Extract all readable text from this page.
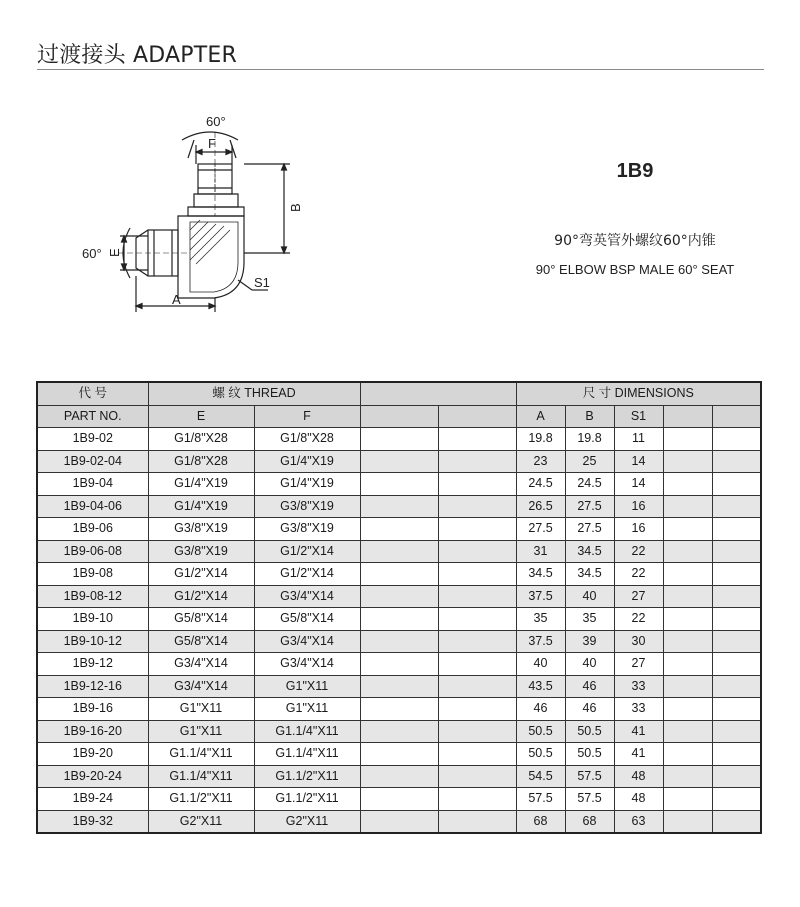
过渡接头 ADAPTER
60°
F
60° E
B
A
S1
1B9
90°弯英管外螺纹60°内锥
90° ELBOW BSP MALE 60° SEAT
代 号	螺 纹 THREAD				尺 寸 DIMENSIONS				
PART NO.	E	F			A	B	S1		
1B9-02	G1/8"X28	G1/8"X28			19.8	19.8	11		
1B9-02-04	G1/8"X28	G1/4"X19			23	25	14		
1B9-04	G1/4"X19	G1/4"X19			24.5	24.5	14		
1B9-04-06	G1/4"X19	G3/8"X19			26.5	27.5	16		
1B9-06	G3/8"X19	G3/8"X19			27.5	27.5	16		
1B9-06-08	G3/8"X19	G1/2"X14			31	34.5	22		
1B9-08	G1/2"X14	G1/2"X14			34.5	34.5	22		
1B9-08-12	G1/2"X14	G3/4"X14			37.5	40	27		
1B9-10	G5/8"X14	G5/8"X14			35	35	22		
1B9-10-12	G5/8"X14	G3/4"X14			37.5	39	30		
1B9-12	G3/4"X14	G3/4"X14			40	40	27		
1B9-12-16	G3/4"X14	G1"X11			43.5	46	33		
1B9-16	G1"X11	G1"X11			46	46	33		
1B9-16-20	G1"X11	G1.1/4"X11			50.5	50.5	41		
1B9-20	G1.1/4"X11	G1.1/4"X11			50.5	50.5	41		
1B9-20-24	G1.1/4"X11	G1.1/2"X11			54.5	57.5	48		
1B9-24	G1.1/2"X11	G1.1/2"X11			57.5	57.5	48		
1B9-32	G2"X11	G2"X11			68	68	63		
